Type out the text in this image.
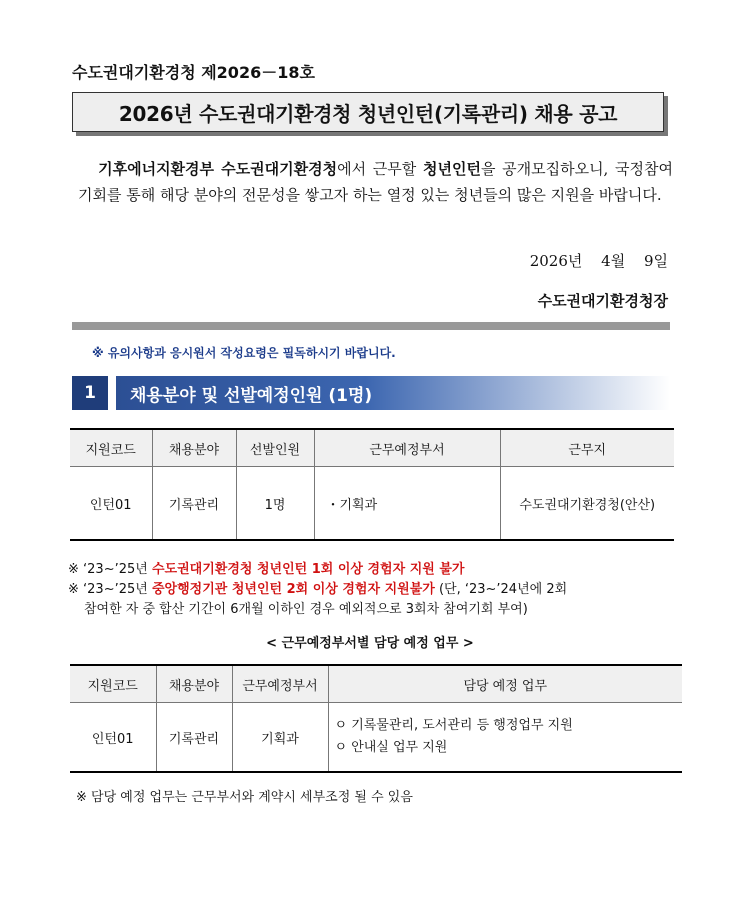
수도권대기환경청 제2026－18호
2026년 수도권대기환경청 청년인턴(기록관리) 채용 공고
기후에너지환경부 수도권대기환경청에서 근무할 청년인턴을 공개모집하오니, 국정참여 기회를 통해 해당 분야의 전문성을 쌓고자 하는 열정 있는 청년들의 많은 지원을 바랍니다.
2026년 4월 9일
수도권대기환경청장
※ 유의사항과 응시원서 작성요령은 필독하시기 바랍니다.
1	채용분야 및 선발예정인원 (1명)
지원코드	채용분야	선발인원	근무예정부서	근무지
인턴01	기록관리	1명	・기획과	수도권대기환경청(안산)
※ ‘23~’25년 수도권대기환경청 청년인턴 1회 이상 경험자 지원 불가
※ ‘23~’25년 중앙행정기관 청년인턴 2회 이상 경험자 지원불가 (단, ‘23~’24년에 2회
참여한 자 중 합산 기간이 6개월 이하인 경우 예외적으로 3회차 참여기회 부여)
< 근무예정부서별 담당 예정 업무 >
지원코드	채용분야	근무예정부서	담당 예정 업무
인턴01	기록관리	기획과	ㅇ 기록물관리, 도서관리 등 행정업무 지원
ㅇ 안내실 업무 지원
※ 담당 예정 업무는 근무부서와 계약시 세부조정 될 수 있음
